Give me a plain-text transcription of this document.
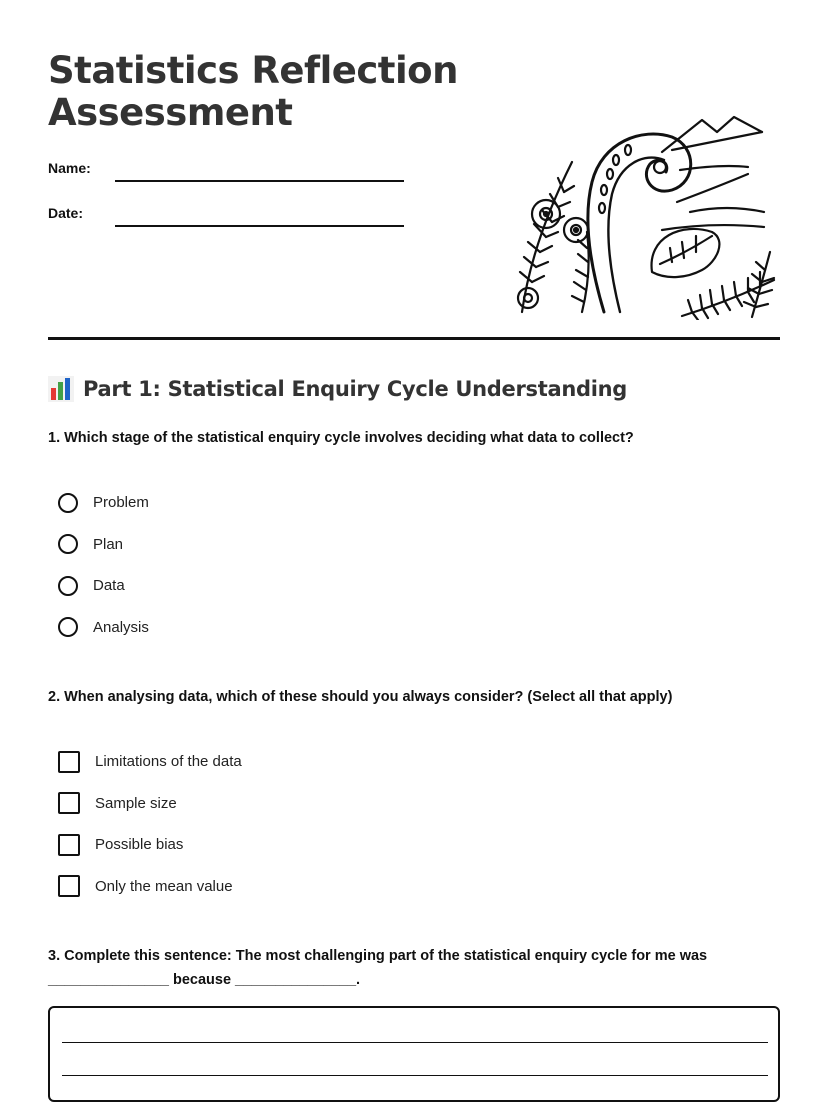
Statistics Reflection Assessment
Name:
Date:
Part 1: Statistical Enquiry Cycle Understanding

1. Which stage of the statistical enquiry cycle involves deciding what data to collect?

Problem
Plan
Data
Analysis

2. When analysing data, which of these should you always consider? (Select all that apply)

Limitations of the data
Sample size
Possible bias
Only the mean value

3. Complete this sentence: The most challenging part of the statistical enquiry cycle for me was _______________ because _______________.
